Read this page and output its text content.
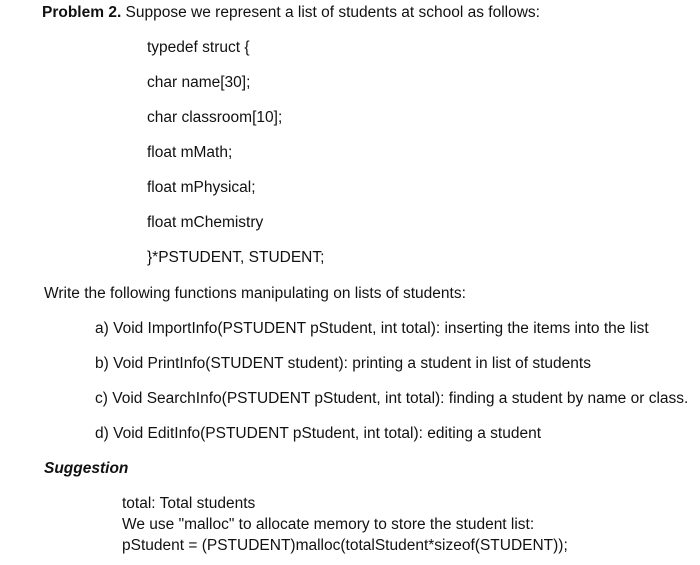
Problem 2. Suppose we represent a list of students at school as follows:
typedef struct {
char name[30];
char classroom[10];
float mMath;
float mPhysical;
float mChemistry
}*PSTUDENT, STUDENT;
Write the following functions manipulating on lists of students:
a) Void ImportInfo(PSTUDENT pStudent, int total): inserting the items into the list
b) Void PrintInfo(STUDENT student): printing a student in list of students
c) Void SearchInfo(PSTUDENT pStudent, int total): finding a student by name or class.
d) Void EditInfo(PSTUDENT pStudent, int total): editing a student
Suggestion
total: Total students
We use "malloc" to allocate memory to store the student list:
pStudent = (PSTUDENT)malloc(totalStudent*sizeof(STUDENT));
